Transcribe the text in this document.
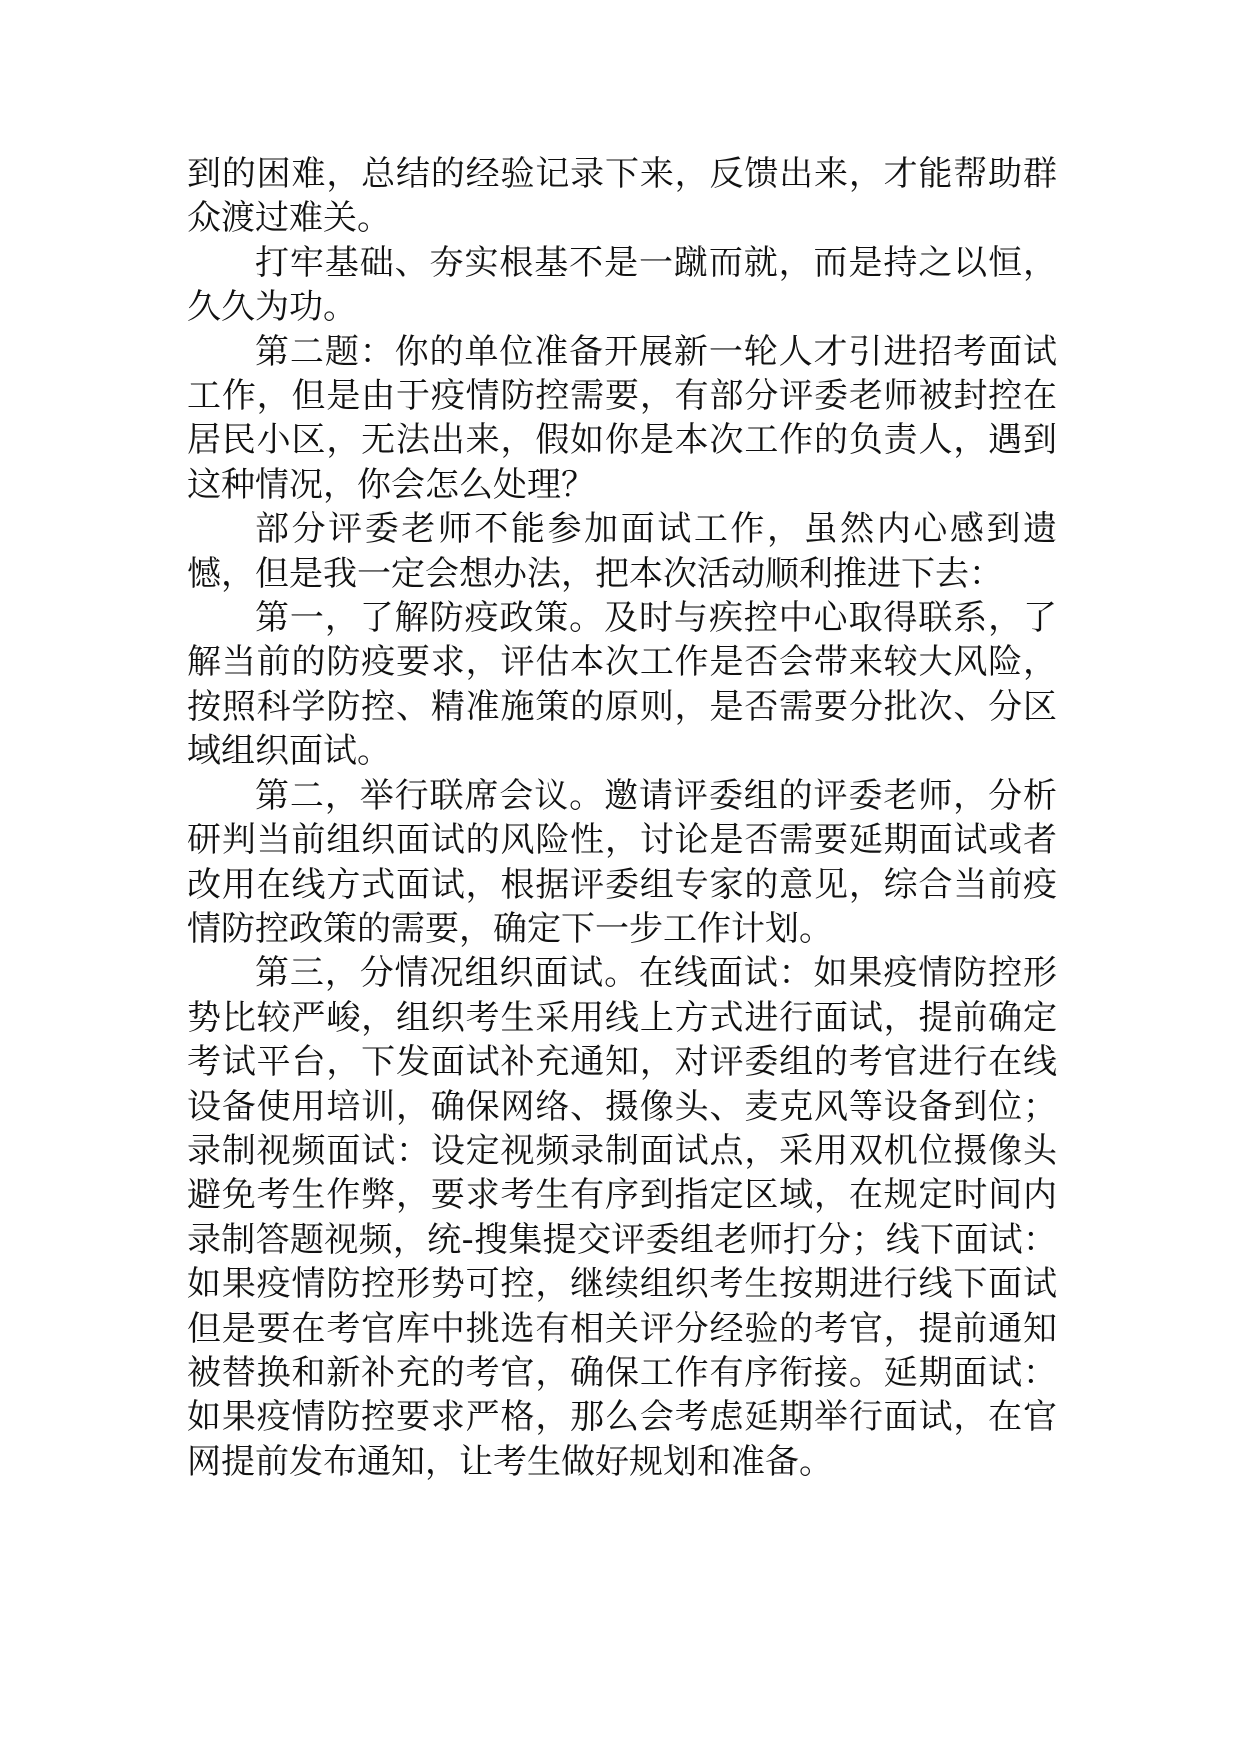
到的困难，总结的经验记录下来，反馈出来，才能帮助群众渡过难关。

打牢基础、夯实根基不是一蹴而就，而是持之以恒，久久为功。

第二题：你的单位准备开展新一轮人才引进招考面试工作，但是由于疫情防控需要，有部分评委老师被封控在居民小区，无法出来，假如你是本次工作的负责人，遇到这种情况，你会怎么处理？

部分评委老师不能参加面试工作，虽然内心感到遗憾，但是我一定会想办法，把本次活动顺利推进下去：

第一，了解防疫政策。及时与疾控中心取得联系，了解当前的防疫要求，评估本次工作是否会带来较大风险，按照科学防控、精准施策的原则，是否需要分批次、分区域组织面试。

第二，举行联席会议。邀请评委组的评委老师，分析研判当前组织面试的风险性，讨论是否需要延期面试或者改用在线方式面试，根据评委组专家的意见，综合当前疫情防控政策的需要，确定下一步工作计划。

第三，分情况组织面试。在线面试：如果疫情防控形势比较严峻，组织考生采用线上方式进行面试，提前确定考试平台，下发面试补充通知，对评委组的考官进行在线设备使用培训，确保网络、摄像头、麦克风等设备到位；录制视频面试：设定视频录制面试点，采用双机位摄像头避免考生作弊，要求考生有序到指定区域，在规定时间内录制答题视频，统-搜集提交评委组老师打分；线下面试：如果疫情防控形势可控，继续组织考生按期进行线下面试但是要在考官库中挑选有相关评分经验的考官，提前通知被替换和新补充的考官，确保工作有序衔接。延期面试：如果疫情防控要求严格，那么会考虑延期举行面试，在官网提前发布通知，让考生做好规划和准备。
